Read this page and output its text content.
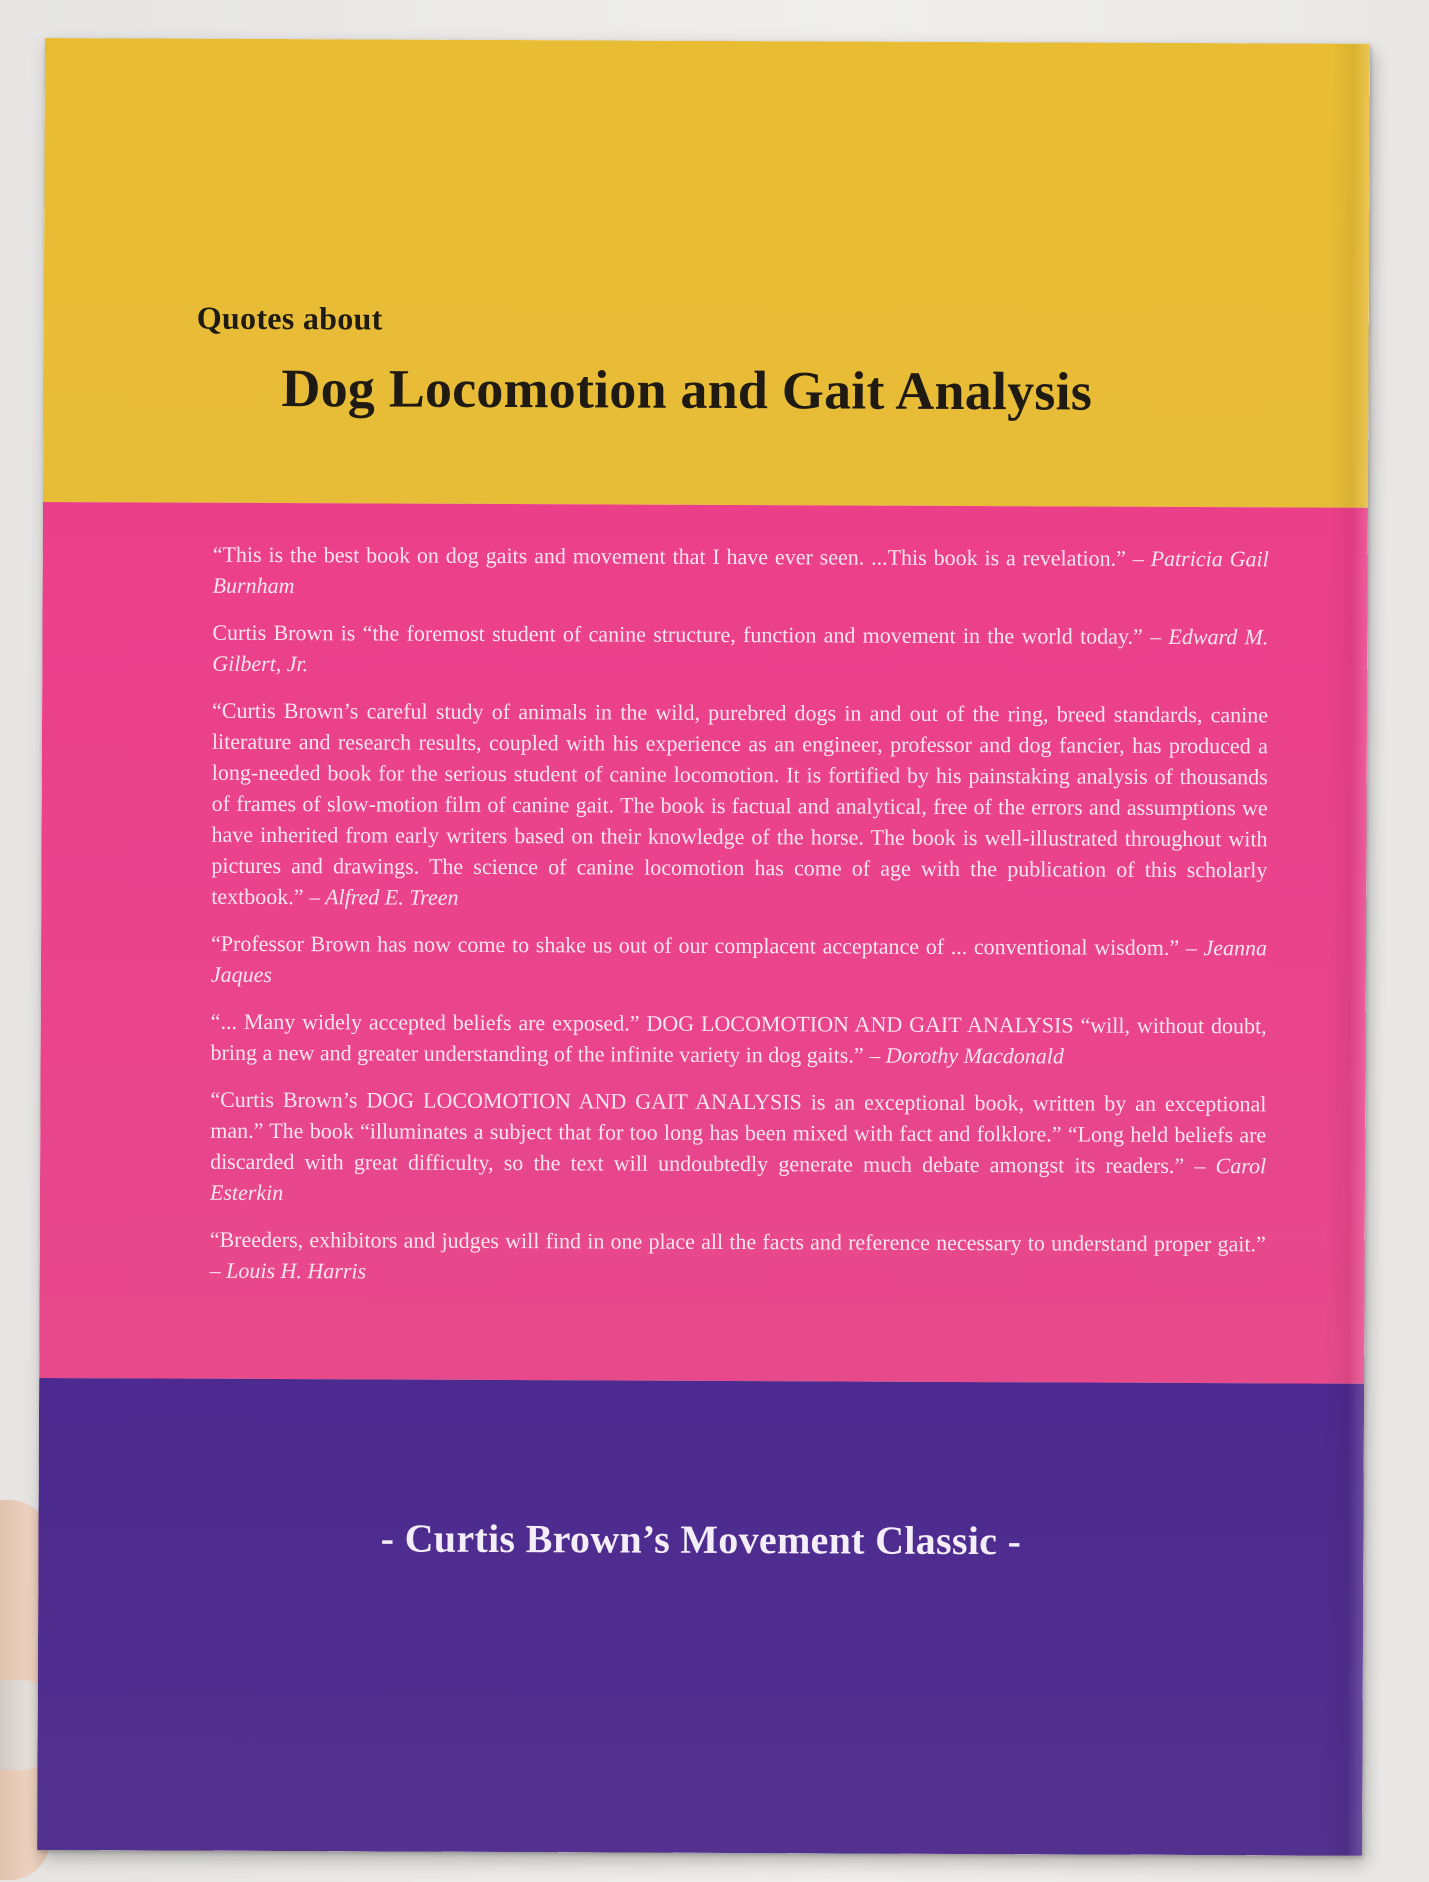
Quotes about
Dog Locomotion and Gait Analysis

“This is the best book on dog gaits and movement that I have ever seen. ...This book is a revelation.” – Patricia Gail Burnham

Curtis Brown is “the foremost student of canine structure, function and movement in the world today.” – Edward M. Gilbert, Jr.

“Curtis Brown’s careful study of animals in the wild, purebred dogs in and out of the ring, breed standards, canine literature and research results, coupled with his experience as an engineer, professor and dog fancier, has produced a long-needed book for the serious student of canine locomotion. It is fortified by his painstaking analysis of thousands of frames of slow-motion film of canine gait. The book is factual and analytical, free of the errors and assumptions we have inherited from early writers based on their knowledge of the horse. The book is well-illustrated throughout with pictures and drawings. The science of canine locomotion has come of age with the publication of this scholarly textbook.” – Alfred E. Treen

“Professor Brown has now come to shake us out of our complacent acceptance of ... conventional wisdom.” – Jeanna Jaques

“... Many widely accepted beliefs are exposed.” DOG LOCOMOTION AND GAIT ANALYSIS “will, without doubt, bring a new and greater understanding of the infinite variety in dog gaits.” – Dorothy Macdonald

“Curtis Brown’s DOG LOCOMOTION AND GAIT ANALYSIS is an exceptional book, written by an exceptional man.” The book “illuminates a subject that for too long has been mixed with fact and folklore.” “Long held beliefs are discarded with great difficulty, so the text will undoubtedly generate much debate amongst its readers.” – Carol Esterkin

“Breeders, exhibitors and judges will find in one place all the facts and reference necessary to understand proper gait.” – Louis H. Harris

- Curtis Brown’s Movement Classic -
